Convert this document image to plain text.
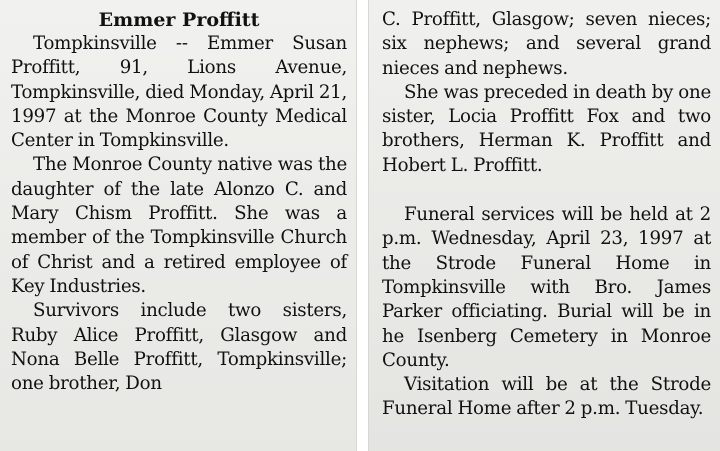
Emmer Proffitt

Tompkinsville -- Emmer Susan Proffitt, 91, Lions Avenue, Tompkinsville, died Monday, April 21, 1997 at the Monroe County Medical Center in Tompkinsville.

The Monroe County native was the daughter of the late Alonzo C. and Mary Chism Proffitt. She was a member of the Tompkinsville Church of Christ and a retired employee of Key Industries.

Survivors include two sisters, Ruby Alice Proffitt, Glasgow and Nona Belle Proffitt, Tompkinsville; one brother, Don

C. Proffitt, Glasgow; seven nieces; six nephews; and several grand nieces and nephews.

She was preceded in death by one sister, Locia Proffitt Fox and two brothers, Herman K. Proffitt and Hobert L. Proffitt.

Funeral services will be held at 2 p.m. Wednesday, April 23, 1997 at the Strode Funeral Home in Tompkinsville with Bro. James Parker officiating. Burial will be in he Isenberg Cemetery in Monroe County.

Visitation will be at the Strode Funeral Home after 2 p.m. Tuesday.
